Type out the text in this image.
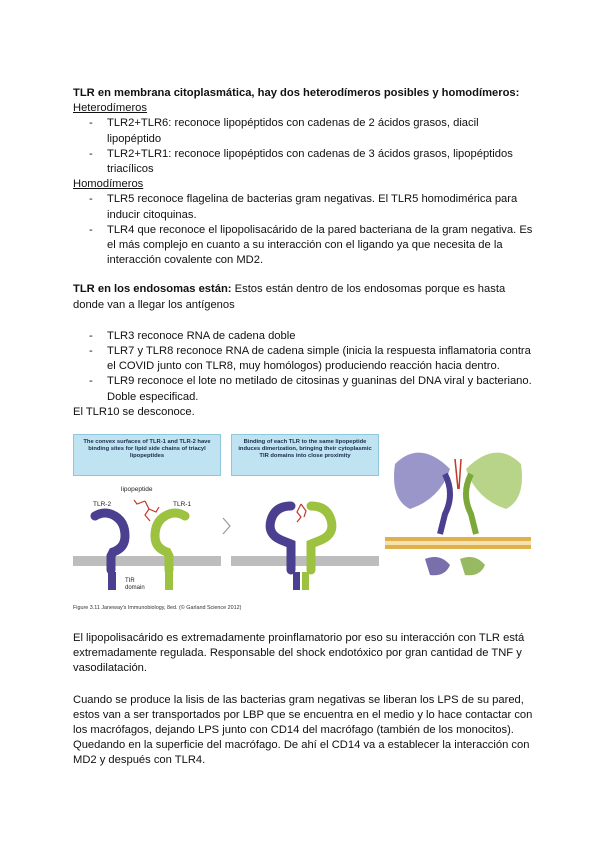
TLR en membrana citoplasmática, hay dos heterodímeros posibles y homodímeros:

Heterodímeros

- TLR2+TLR6: reconoce lipopéptidos con cadenas de 2 ácidos grasos, diacil lipopéptido
- TLR2+TLR1: reconoce lipopéptidos con cadenas de 3 ácidos grasos, lipopéptidos triacílicos

Homodímeros

- TLR5 reconoce flagelina de bacterias gram negativas. El TLR5 homodimérica para inducir citoquinas.
- TLR4 que reconoce el lipopolisacárido de la pared bacteriana de la gram negativa. Es el más complejo en cuanto a su interacción con el ligando ya que necesita de la interacción covalente con MD2.

TLR en los endosomas están: Estos están dentro de los endosomas porque es hasta donde van a llegar los antígenos

- TLR3 reconoce RNA de cadena doble
- TLR7 y TLR8 reconoce RNA de cadena simple (inicia la respuesta inflamatoria contra el COVID junto con TLR8, muy homólogos) produciendo reacción hacia dentro.
- TLR9 reconoce el lote no metilado de citosinas y guaninas del DNA viral y bacteriano. Doble especificad.

El TLR10 se desconoce.

The convex surfaces of TLR-1 and TLR-2 have binding sites for lipid side chains of triacyl lipopeptides
lipopeptide
TLR-2	TLR-1
TIR
domain
Binding of each TLR to the same lipopeptide induces dimerization, bringing their cytoplasmic TIR domains into close proximity
Figure 3.11 Janeway's Immunobiology, 8ed. (© Garland Science 2012)

El lipopolisacárido es extremadamente proinflamatorio por eso su interacción con TLR está extremadamente regulada. Responsable del shock endotóxico por gran cantidad de TNF y vasodilatación.

Cuando se produce la lisis de las bacterias gram negativas se liberan los LPS de su pared, estos van a ser transportados por LBP que se encuentra en el medio y lo hace contactar con los macrófagos, dejando LPS junto con CD14 del macrófago (también de los monocitos). Quedando en la superficie del macrófago. De ahí el CD14 va a establecer la interacción con MD2 y después con TLR4.
